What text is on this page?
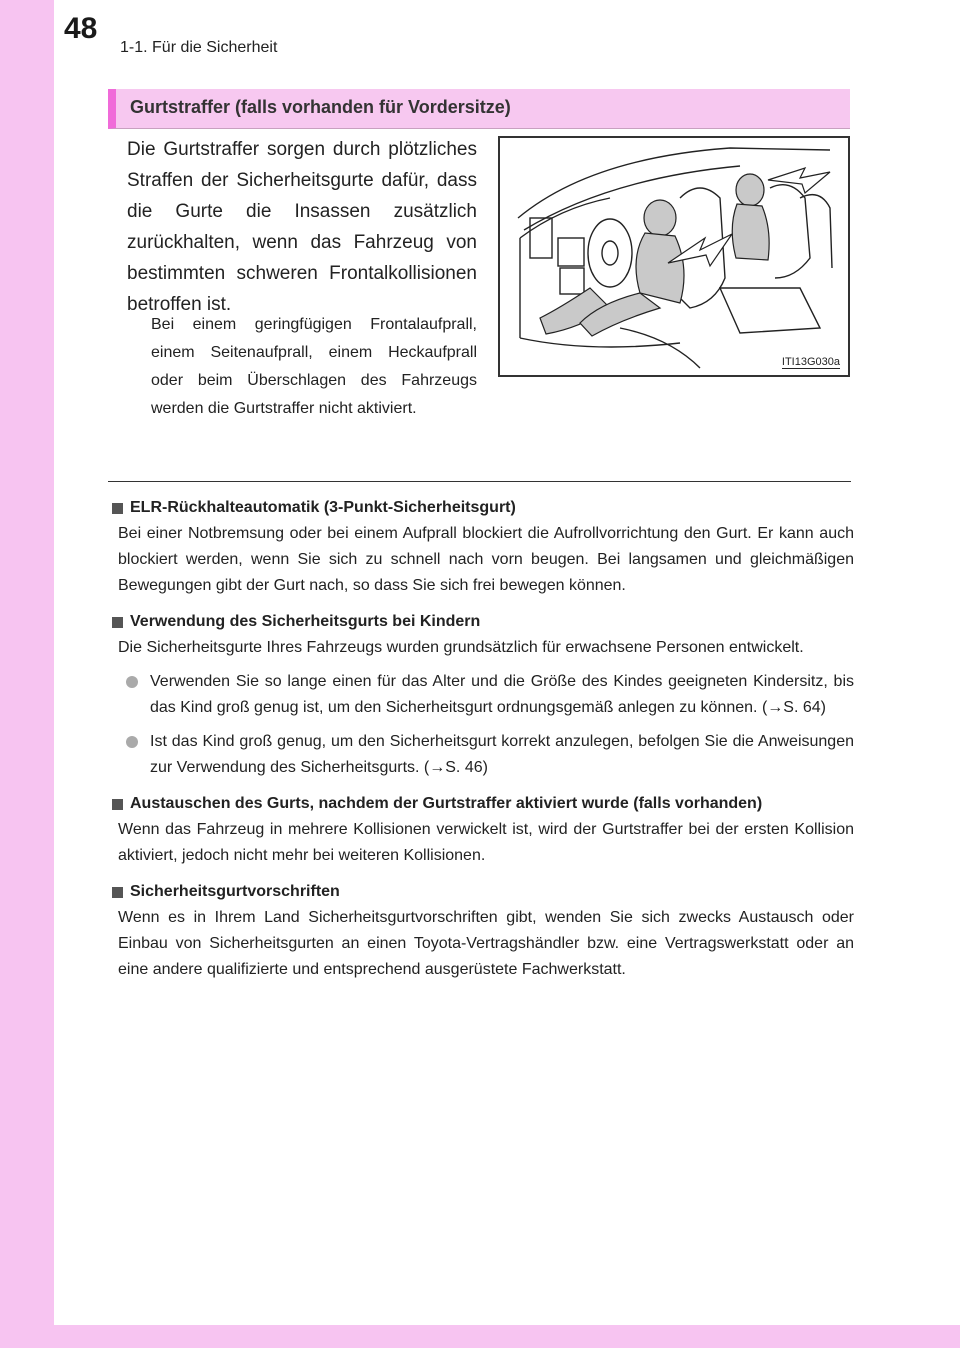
48
1-1. Für die Sicherheit
Gurtstraffer (falls vorhanden für Vordersitze)
Die Gurtstraffer sorgen durch plötzliches Straffen der Sicherheitsgurte dafür, dass die Gurte die Insassen zusätzlich zurückhalten, wenn das Fahrzeug von bestimmten schweren Frontalkollisionen betroffen ist.
Bei einem geringfügigen Frontalaufprall, einem Seitenaufprall, einem Heckaufprall oder beim Überschlagen des Fahrzeugs werden die Gurtstraffer nicht aktiviert.
ITI13G030a
ELR-Rückhalteautomatik (3-Punkt-Sicherheitsgurt)
Bei einer Notbremsung oder bei einem Aufprall blockiert die Aufrollvorrichtung den Gurt. Er kann auch blockiert werden, wenn Sie sich zu schnell nach vorn beugen. Bei langsamen und gleichmäßigen Bewegungen gibt der Gurt nach, so dass Sie sich frei bewegen können.
Verwendung des Sicherheitsgurts bei Kindern
Die Sicherheitsgurte Ihres Fahrzeugs wurden grundsätzlich für erwachsene Personen entwickelt.
Verwenden Sie so lange einen für das Alter und die Größe des Kindes geeigneten Kindersitz, bis das Kind groß genug ist, um den Sicherheitsgurt ordnungsgemäß anlegen zu können. (→S. 64)
Ist das Kind groß genug, um den Sicherheitsgurt korrekt anzulegen, befolgen Sie die Anweisungen zur Verwendung des Sicherheitsgurts. (→S. 46)
Austauschen des Gurts, nachdem der Gurtstraffer aktiviert wurde (falls vorhanden)
Wenn das Fahrzeug in mehrere Kollisionen verwickelt ist, wird der Gurtstraffer bei der ersten Kollision aktiviert, jedoch nicht mehr bei weiteren Kollisionen.
Sicherheitsgurtvorschriften
Wenn es in Ihrem Land Sicherheitsgurtvorschriften gibt, wenden Sie sich zwecks Austausch oder Einbau von Sicherheitsgurten an einen Toyota-Vertragshändler bzw. eine Vertragswerkstatt oder an eine andere qualifizierte und entsprechend ausgerüstete Fachwerkstatt.
